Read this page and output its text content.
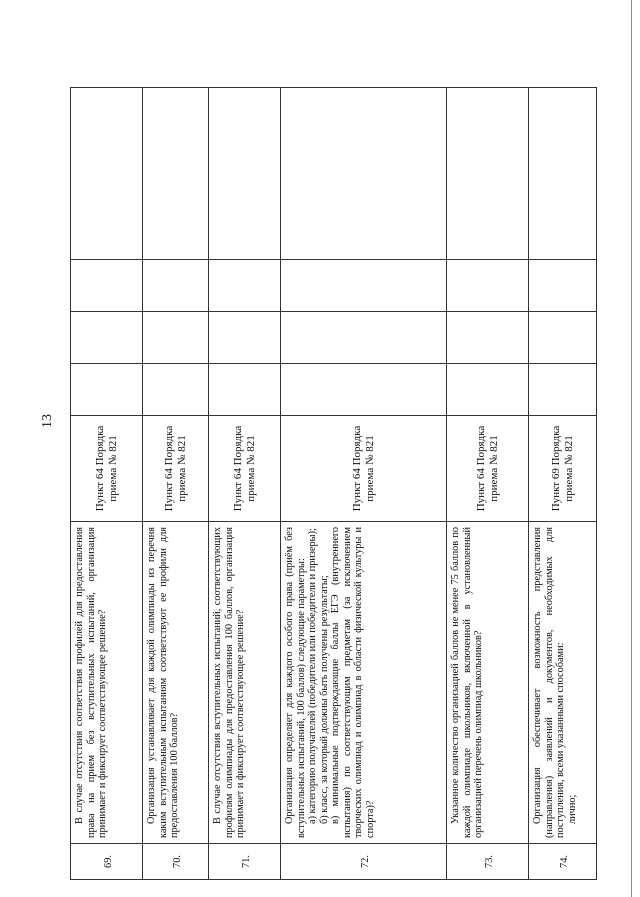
13
69.	В случае отсутствия соответствия профилей для предоставления права на прием без вступительных испытаний, организация принимает и фиксирует соответствующее решение?	Пункт 64 Порядка приема № 821				
70.	Организация устанавливает для каждой олимпиады из перечня каким вступительным испытаниям соответствуют ее профили для предоставления 100 баллов?	Пункт 64 Порядка приема № 821				
71.	В случае отсутствия вступительных испытаний, соответствующих профилям олимпиады для предоставления 100 баллов, организация принимает и фиксирует соответствующее решение?	Пункт 64 Порядка приема № 821				
72.	Организация определяет для каждого особого права (приём без вступительных испытаний, 100 баллов) следующие параметры: а) категорию получателей (победители или победители и призеры); б) класс, за который должны быть получены результаты; в) минимальные подтверждающие баллы ЕГЭ (внутреннего испытания) по соответствующим предметам (за исключением творческих олимпиад и олимпиад в области физической культуры и спорта)?	Пункт 64 Порядка приема № 821				
73.	Указанное количество организацией баллов не менее 75 баллов по каждой олимпиаде школьников, включенной в установленный организацией перечень олимпиад школьников?	Пункт 64 Порядка приема № 821				
74.	Организация обеспечивает возможность представления (направления) заявлений и документов, необходимых для поступления, всеми указанными способами: лично;	Пункт 69 Порядка приема № 821				
